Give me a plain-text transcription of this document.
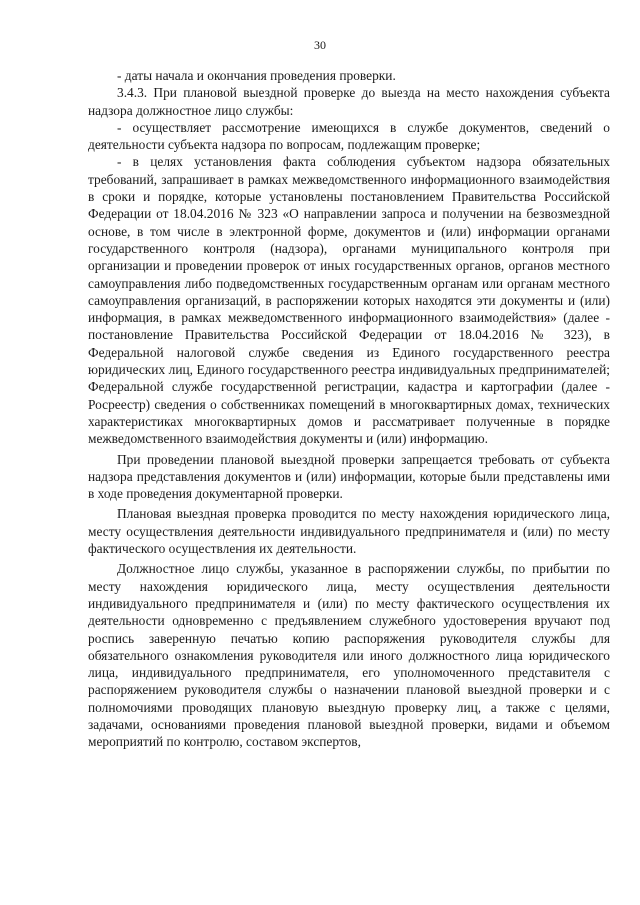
30

- даты начала и окончания проведения проверки.

3.4.3. При плановой выездной проверке до выезда на место нахождения субъекта надзора должностное лицо службы:

- осуществляет рассмотрение имеющихся в службе документов, сведений о деятельности субъекта надзора по вопросам, подлежащим проверке;

- в целях установления факта соблюдения субъектом надзора обязательных требований, запрашивает в рамках межведомственного информационного взаимодействия в сроки и порядке, которые установлены постановлением Правительства Российской Федерации от 18.04.2016 № 323 «О направлении запроса и получении на безвозмездной основе, в том числе в электронной форме, документов и (или) информации органами государственного контроля (надзора), органами муниципального контроля при организации и проведении проверок от иных государственных органов, органов местного самоуправления либо подведомственных государственным органам или органам местного самоуправления организаций, в распоряжении которых находятся эти документы и (или) информация, в рамках межведомственного информационного взаимодействия» (далее - постановление Правительства Российской Федерации от 18.04.2016 № 323), в Федеральной налоговой службе сведения из Единого государственного реестра юридических лиц, Единого государственного реестра индивидуальных предпринимателей; Федеральной службе государственной регистрации, кадастра и картографии (далее - Росреестр) сведения о собственниках помещений в многоквартирных домах, технических характеристиках многоквартирных домов и рассматривает полученные в порядке межведомственного взаимодействия документы и (или) информацию.

При проведении плановой выездной проверки запрещается требовать от субъекта надзора представления документов и (или) информации, которые были представлены ими в ходе проведения документарной проверки.

Плановая выездная проверка проводится по месту нахождения юридического лица, месту осуществления деятельности индивидуального предпринимателя и (или) по месту фактического осуществления их деятельности.

Должностное лицо службы, указанное в распоряжении службы, по прибытии по месту нахождения юридического лица, месту осуществления деятельности индивидуального предпринимателя и (или) по месту фактического осуществления их деятельности одновременно с предъявлением служебного удостоверения вручают под роспись заверенную печатью копию распоряжения руководителя службы для обязательного ознакомления руководителя или иного должностного лица юридического лица, индивидуального предпринимателя, его уполномоченного представителя с распоряжением руководителя службы о назначении плановой выездной проверки и с полномочиями проводящих плановую выездную проверку лиц, а также с целями, задачами, основаниями проведения плановой выездной проверки, видами и объемом мероприятий по контролю, составом экспертов,
